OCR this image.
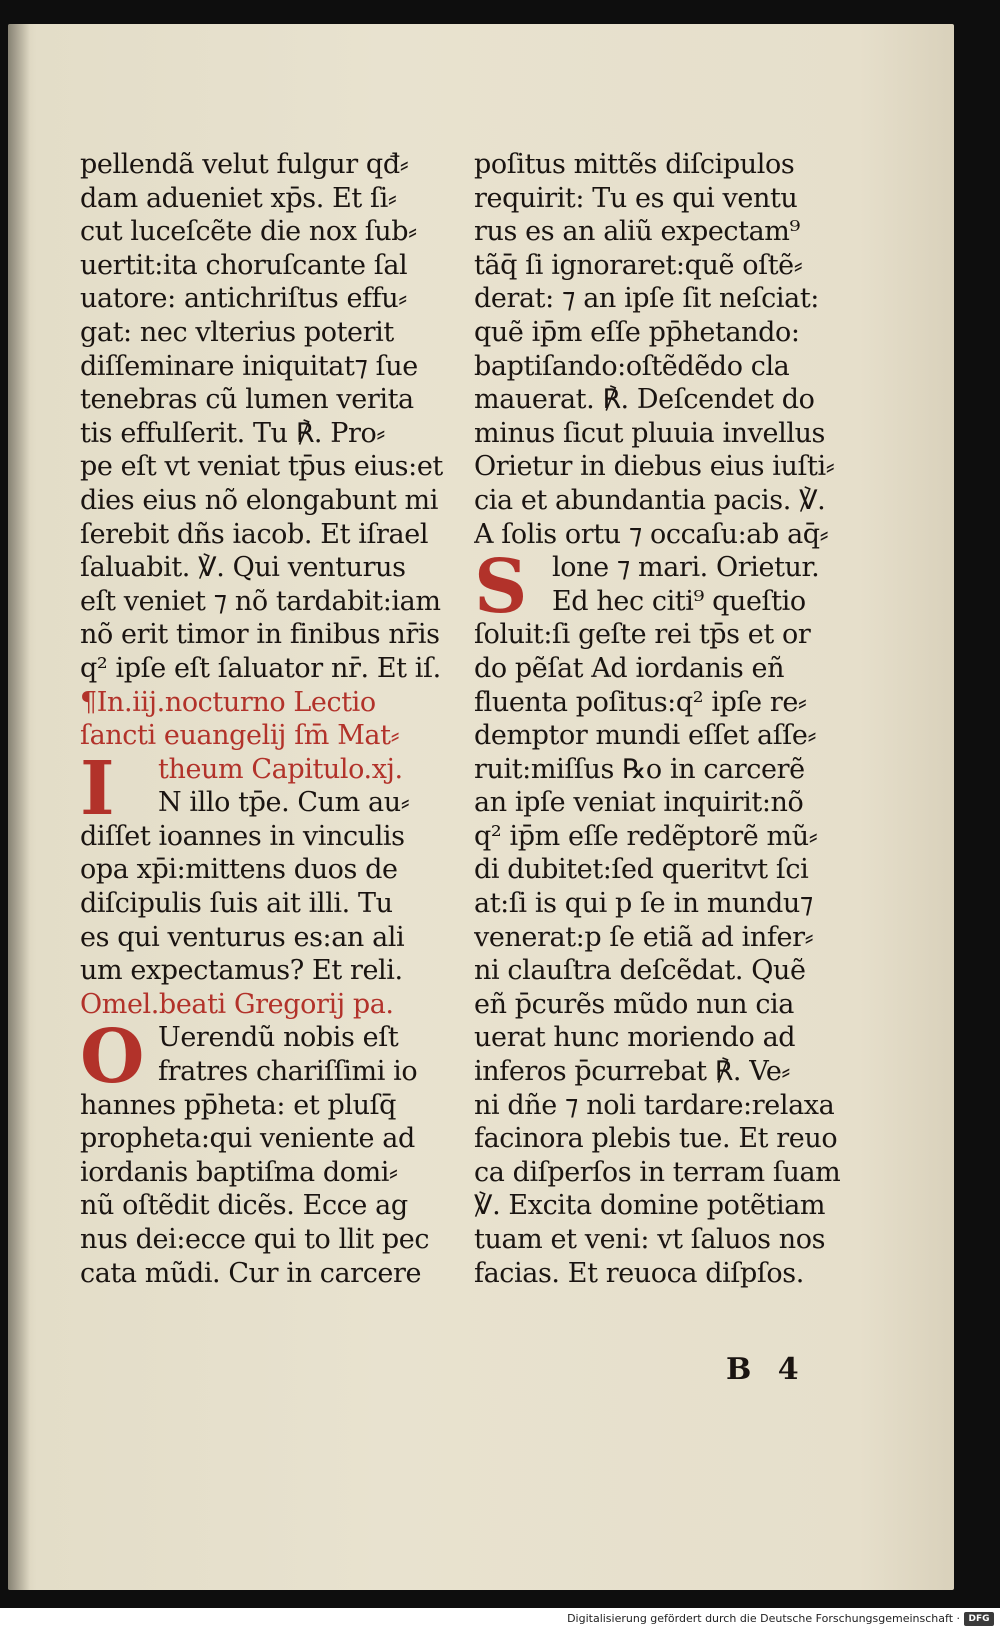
pellendã velut fulgur qđ⸗
dam adueniet xp̄s. Et ſi⸗
cut luceſcẽte die nox ſub⸗
uertit:ita choruſcante ſal
uatore: antichriſtus effu⸗
gat: nec vlterius poterit
diſſeminare iniquitat⁊ ſue
tenebras cũ lumen verita
tis effulſerit. Tu ℟. Pro⸗
pe eſt vt veniat tp̄us eius:et
dies eius nõ elongabunt mi
ſerebit dñs iacob. Et iſrael
ſaluabit. ℣. Qui venturus
eſt veniet ⁊ nõ tardabit:iam
nõ erit timor in finibus nr̄is
q² ipſe eſt ſaluator nr̄. Et iſ.
¶In.iij.nocturno Lectio
ſancti euangelij ſm̄ Mat⸗
I theum Capitulo.xj.
N illo tp̄e. Cum au⸗
diſſet ioannes in vinculis
opa xp̄i:mittens duos de
diſcipulis ſuis ait illi. Tu
es qui venturus es:an ali
um expectamus? Et reli.
Omel.beati Gregorij pa.
O Uerendũ nobis eſt
fratres chariſſimi io
hannes pp̄heta: et pluſq̄
propheta:qui veniente ad
iordanis baptiſma domi⸗
nũ oſtẽdit dicẽs. Ecce ag
nus dei:ecce qui to llit pec
cata mũdi. Cur in carcere
poſitus mittẽs diſcipulos
requirit: Tu es qui ventu
rus es an aliũ expectam⁹
tãq̄ ſi ignoraret:quẽ oſtẽ⸗
derat: ⁊ an ipſe ſit neſciat:
quẽ ip̄m eſſe pp̄hetando:
baptiſando:oſtẽdẽdo cla
mauerat. ℟. Deſcendet do
minus ſicut pluuia invellus
Orietur in diebus eius iuſti⸗
cia et abundantia pacis. ℣.
A ſolis ortu ⁊ occaſu:ab aq̄⸗
S lone ⁊ mari. Orietur.
Ed hec citi⁹ queſtio
ſoluit:ſi geſte rei tp̄s et or
do pẽſat Ad iordanis eñ
fluenta poſitus:q² ipſe re⸗
demptor mundi eſſet aſſe⸗
ruit:miſſus ℞o in carcerẽ
an ipſe veniat inquirit:nõ
q² ip̄m eſſe redẽptorẽ mũ⸗
di dubitet:ſed queritvt ſci
at:ſi is qui p ſe in mundu⁊
venerat:p ſe etiã ad infer⸗
ni clauſtra deſcẽdat. Quẽ
eñ p̄curẽs mũdo nun cia
uerat hunc moriendo ad
inferos p̄currebat ℟. Ve⸗
ni dñe ⁊ noli tardare:relaxa
facinora plebis tue. Et reuo
ca diſperſos in terram ſuam
℣. Excita domine potẽtiam
tuam et veni: vt ſaluos nos
facias. Et reuoca diſpſos.
B 4
Digitalisierung gefördert durch die Deutsche Forschungsgemeinschaft · DFG
